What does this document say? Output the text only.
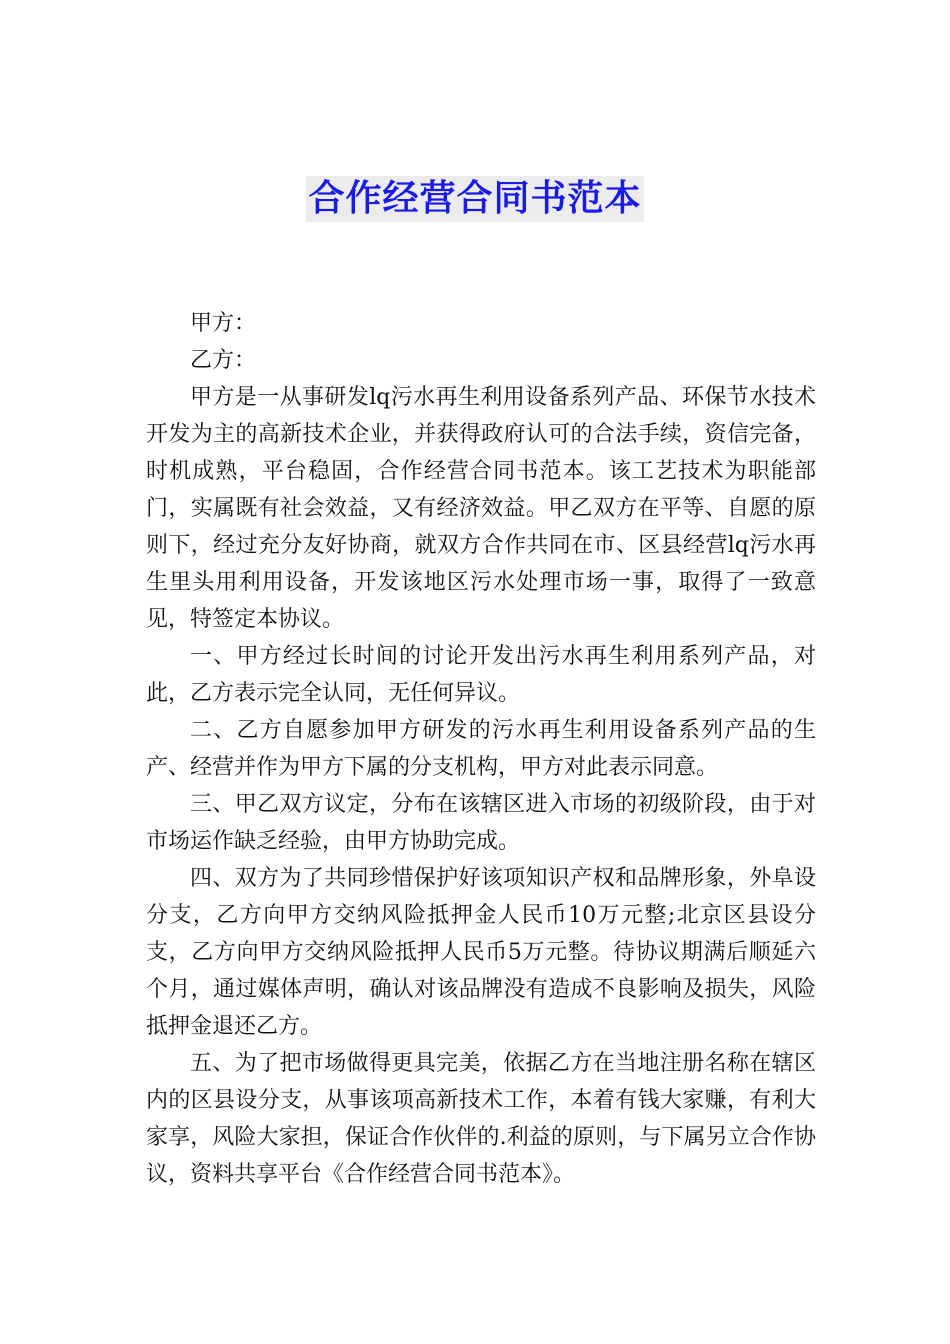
合作经营合同书范本

甲方：

乙方：

甲方是一从事研发lq污水再生利用设备系列产品、环保节水技术开发为主的高新技术企业，并获得政府认可的合法手续，资信完备，时机成熟，平台稳固，合作经营合同书范本。该工艺技术为职能部门，实属既有社会效益，又有经济效益。甲乙双方在平等、自愿的原则下，经过充分友好协商，就双方合作共同在市、区县经营lq污水再生里头用利用设备，开发该地区污水处理市场一事，取得了一致意见，特签定本协议。

一、甲方经过长时间的讨论开发出污水再生利用系列产品，对此，乙方表示完全认同，无任何异议。

二、乙方自愿参加甲方研发的污水再生利用设备系列产品的生产、经营并作为甲方下属的分支机构，甲方对此表示同意。

三、甲乙双方议定，分布在该辖区进入市场的初级阶段，由于对市场运作缺乏经验，由甲方协助完成。

四、双方为了共同珍惜保护好该项知识产权和品牌形象，外阜设分支，乙方向甲方交纳风险抵押金人民币10万元整;北京区县设分支，乙方向甲方交纳风险抵押人民币5万元整。待协议期满后顺延六个月，通过媒体声明，确认对该品牌没有造成不良影响及损失，风险抵押金退还乙方。

五、为了把市场做得更具完美，依据乙方在当地注册名称在辖区内的区县设分支，从事该项高新技术工作，本着有钱大家赚，有利大家享，风险大家担，保证合作伙伴的.利益的原则，与下属另立合作协议，资料共享平台《合作经营合同书范本》。
